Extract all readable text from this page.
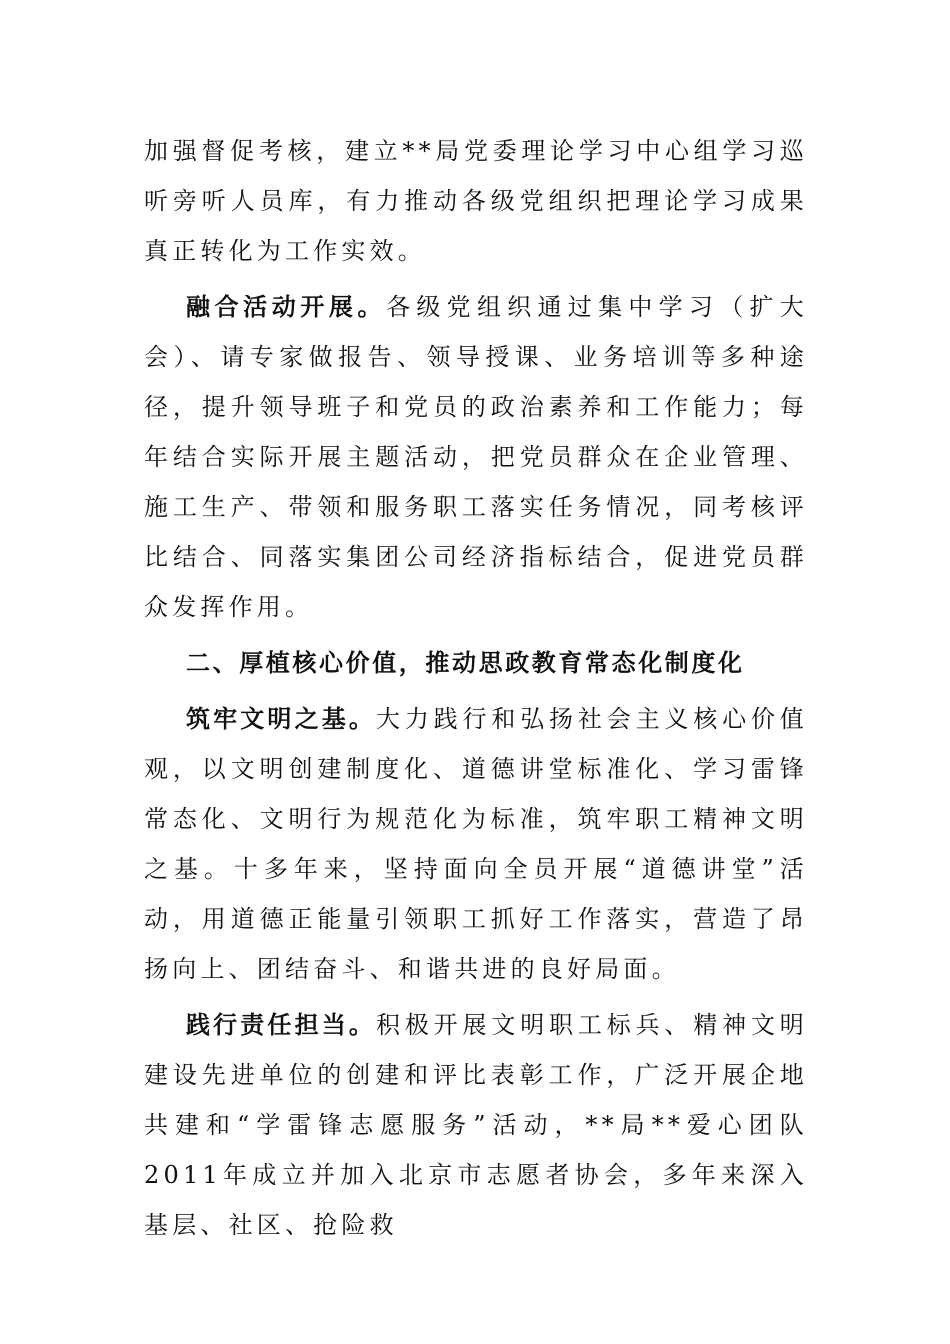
加强督促考核，建立**局党委理论学习中心组学习巡听旁听人员库，有力推动各级党组织把理论学习成果真正转化为工作实效。

融合活动开展。各级党组织通过集中学习（扩大会）、请专家做报告、领导授课、业务培训等多种途径，提升领导班子和党员的政治素养和工作能力；每年结合实际开展主题活动，把党员群众在企业管理、施工生产、带领和服务职工落实任务情况，同考核评比结合、同落实集团公司经济指标结合，促进党员群众发挥作用。

二、厚植核心价值，推动思政教育常态化制度化

筑牢文明之基。大力践行和弘扬社会主义核心价值观，以文明创建制度化、道德讲堂标准化、学习雷锋常态化、文明行为规范化为标准，筑牢职工精神文明之基。十多年来，坚持面向全员开展“道德讲堂”活动，用道德正能量引领职工抓好工作落实，营造了昂扬向上、团结奋斗、和谐共进的良好局面。

践行责任担当。积极开展文明职工标兵、精神文明建设先进单位的创建和评比表彰工作，广泛开展企地共建和“学雷锋志愿服务”活动，**局**爱心团队2011年成立并加入北京市志愿者协会，多年来深入基层、社区、抢险救
